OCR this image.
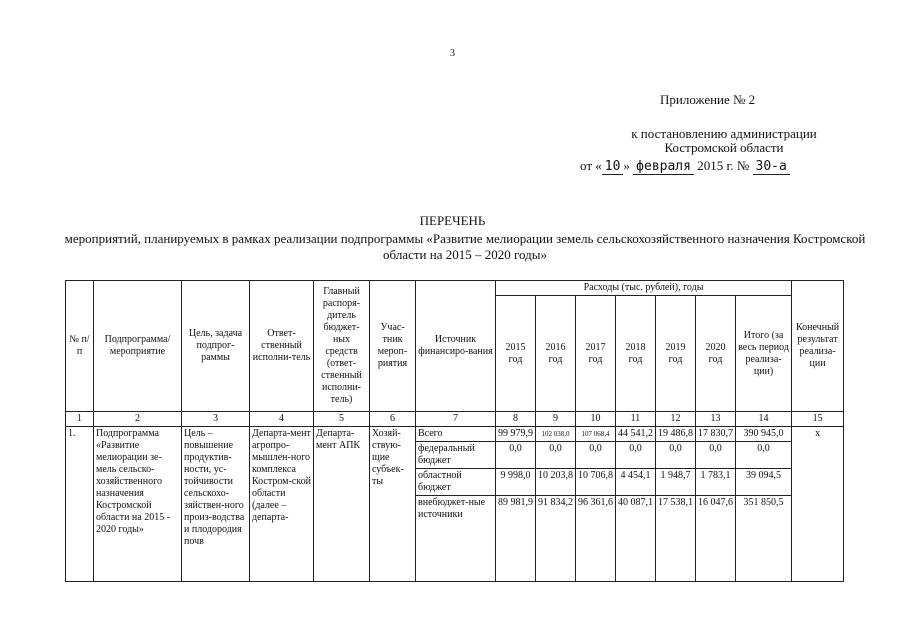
3
Приложение № 2
к постановлению администрации
Костромской области
от « 10 » февраля 2015 г. № 30-а
ПЕРЕЧЕНЬ
мероприятий, планируемых в рамках реализации подпрограммы «Развитие мелиорации земель сельскохозяйственного назначения Костромской области на 2015 – 2020 годы»
№ п/п	Подпрограмма/ мероприятие	Цель, задача подпрог-раммы	Ответ-ственный исполни-тель	Главный распоря-дитель бюджет-ных средств (ответ-ственный исполни-тель)	Учас-тник мероп-риятия	Источник финансиро-вания	Расходы (тыс. рублей), годы							Конечный результат реализа-ции
							2015 год	2016 год	2017 год	2018 год	2019 год	2020 год	Итого (за весь период реализа-ции)	
1	2	3	4	5	6	7	8	9	10	11	12	13	14	15
1.	Подпрограмма «Развитие мелиорации зе-мель сельско-хозяйственного назначения Костромской области на 2015 - 2020 годы»	Цель – повышение продуктив-ности, ус-тойчивости сельскохо-зяйствен-ного произ-водства и плодородия почв	Департа-мент агропро-мышлен-ного комплекса Костром-ской области (далее – департа-	Департа-мент АПК	Хозяй-ствую-щие субъек-ты	Всего	99 979,9	102 038,0	107 068,4	44 541,2	19 486,8	17 830,7	390 945,0	x
						федеральный бюджет	0,0	0,0	0,0	0,0	0,0	0,0	0,0	
						областной бюджет	9 998,0	10 203,8	10 706,8	4 454,1	1 948,7	1 783,1	39 094,5	
						внебюджет-ные источники	89 981,9	91 834,2	96 361,6	40 087,1	17 538,1	16 047,6	351 850,5	
